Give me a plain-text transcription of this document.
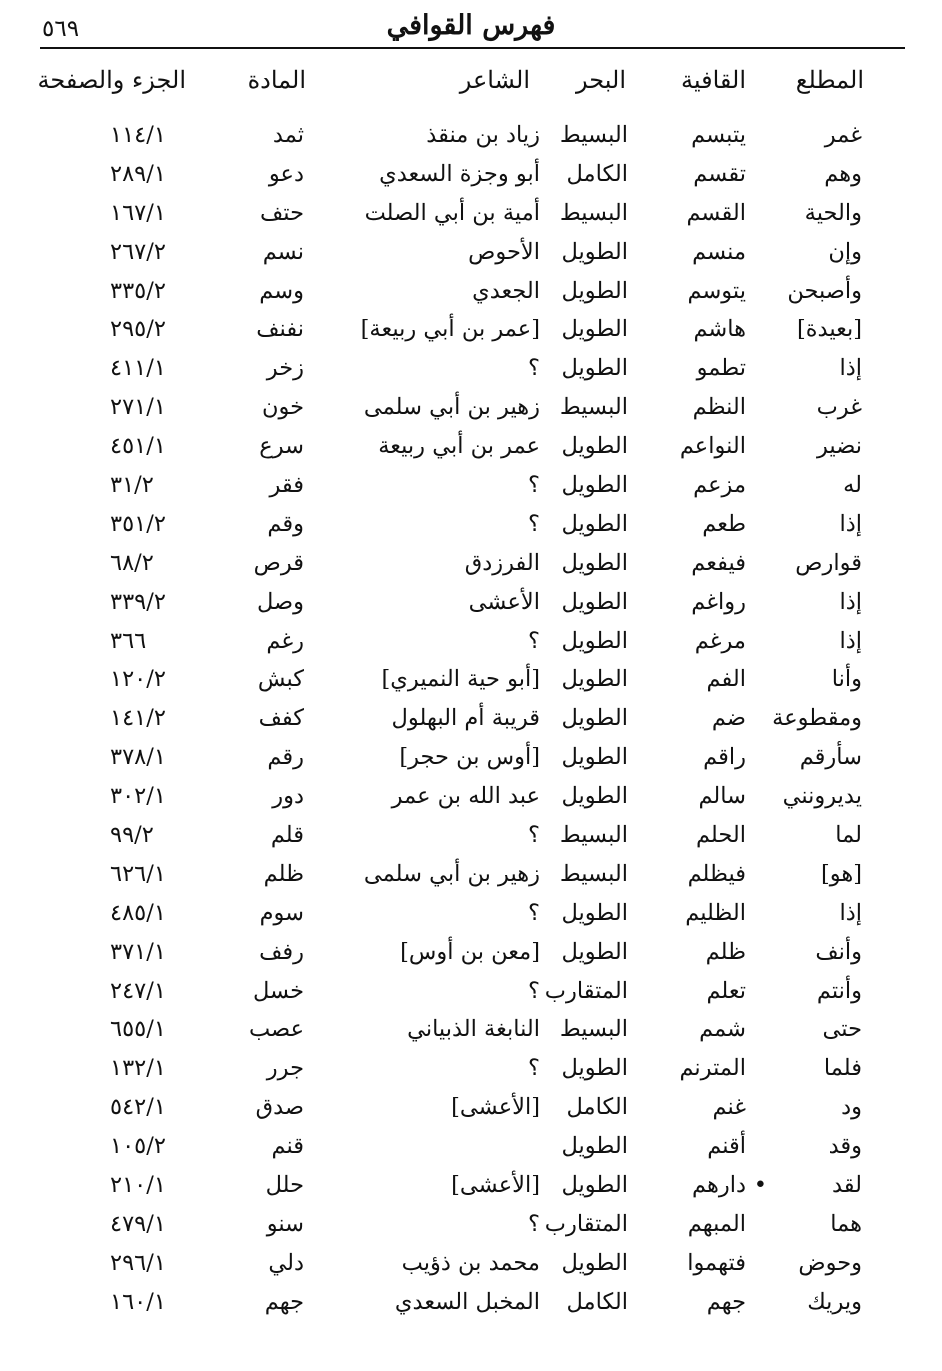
فهرس القوافي
٥٦٩
المطلع
القافية
البحر
الشاعر
المادة
الجزء والصفحة
غمر
يتبسم
البسيط
زياد بن منقذ
ثمد
١١٤/١
وهم
تقسم
الكامل
أبو وجزة السعدي
دعو
٢٨٩/١
والحية
القسم
البسيط
أمية بن أبي الصلت
حتف
١٦٧/١
وإن
منسم
الطويل
الأحوص
نسم
٢٦٧/٢
وأصبحن
يتوسم
الطويل
الجعدي
وسم
٣٣٥/٢
[بعيدة]
هاشم
الطويل
[عمر بن أبي ربيعة]
نفنف
٢٩٥/٢
إذا
تطمو
الطويل
؟
زخر
٤١١/١
غرب
النظم
البسيط
زهير بن أبي سلمى
خون
٢٧١/١
نضير
النواعم
الطويل
عمر بن أبي ربيعة
سرع
٤٥١/١
له
مزعم
الطويل
؟
فقر
٣١/٢
إذا
طعم
الطويل
؟
وقم
٣٥١/٢
قوارص
فيفعم
الطويل
الفرزدق
قرص
٦٨/٢
إذا
رواغم
الطويل
الأعشى
وصل
٣٣٩/٢
إذا
مرغم
الطويل
؟
رغم
٣٦٦
وأنا
الفم
الطويل
[أبو حية النميري]
كبش
١٢٠/٢
ومقطوعة
ضم
الطويل
قريبة أم البهلول
كفف
١٤١/٢
سأرقم
راقم
الطويل
[أوس بن حجر]
رقم
٣٧٨/١
يديرونني
سالم
الطويل
عبد الله بن عمر
دور
٣٠٢/١
لما
الحلم
البسيط
؟
قلم
٩٩/٢
[هو]
فيظلم
البسيط
زهير بن أبي سلمى
ظلم
٦٢٦/١
إذا
الظليم
الطويل
؟
سوم
٤٨٥/١
وأنف
ظلم
الطويل
[معن بن أوس]
رفف
٣٧١/١
وأنتم
تعلم
المتقارب
؟
خسل
٢٤٧/١
حتى
شمم
البسيط
النابغة الذبياني
عصب
٦٥٥/١
فلما
المترنم
الطويل
؟
جرر
١٣٢/١
ود
غنم
الكامل
[الأعشى]
صدق
٥٤٢/١
وقد
أقنم
الطويل
قنم
١٠٥/٢
لقد
دارهم
الطويل
[الأعشى]
حلل
٢١٠/١	•
هما
المبهم
المتقارب
؟
سنو
٤٧٩/١
وحوض
فتهموا
الطويل
محمد بن ذؤيب
دلي
٢٩٦/١
ويريك
جهم
الكامل
المخبل السعدي
جهم
١٦٠/١
